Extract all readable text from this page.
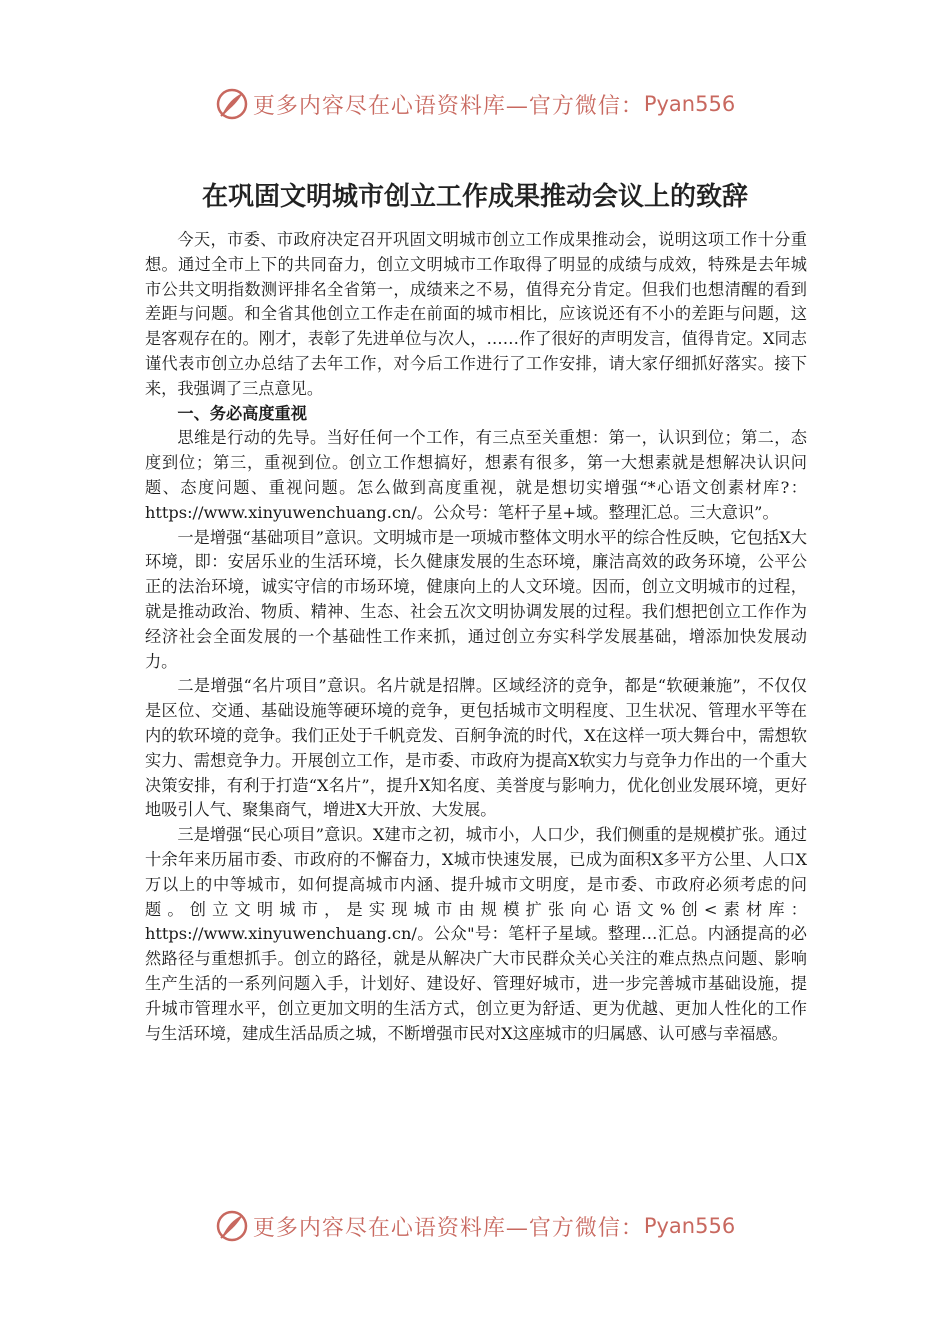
更多内容尽在心语资料库—官方微信： Pyan556
在巩固文明城市创立工作成果推动会议上的致辞

今天，市委、市政府决定召开巩固文明城市创立工作成果推动会，说明这项工作十分重想。通过全市上下的共同奋力，创立文明城市工作取得了明显的成绩与成效，特殊是去年城市公共文明指数测评排名全省第一，成绩来之不易，值得充分肯定。但我们也想清醒的看到差距与问题。和全省其他创立工作走在前面的城市相比，应该说还有不小的差距与问题，这是客观存在的。刚才，表彰了先进单位与次人，……作了很好的声明发言，值得肯定。X同志谨代表市创立办总结了去年工作，对今后工作进行了工作安排，请大家仔细抓好落实。接下来，我强调了三点意见。

一、务必高度重视

思维是行动的先导。当好任何一个工作，有三点至关重想：第一，认识到位；第二，态度到位；第三，重视到位。创立工作想搞好，想素有很多，第一大想素就是想解决认识问题、态度问题、重视问题。怎么做到高度重视，就是想切实增强“*心语文创素材库?：https://www.xinyuwenchuang.cn/。公众号：笔杆子星+域。整理汇总。三大意识”。

一是增强“基础项目”意识。文明城市是一项城市整体文明水平的综合性反映，它包括X大环境，即：安居乐业的生活环境，长久健康发展的生态环境，廉洁高效的政务环境，公平公正的法治环境，诚实守信的市场环境，健康向上的人文环境。因而，创立文明城市的过程，就是推动政治、物质、精神、生态、社会五次文明协调发展的过程。我们想把创立工作作为经济社会全面发展的一个基础性工作来抓，通过创立夯实科学发展基础，增添加快发展动力。

二是增强“名片项目”意识。名片就是招牌。区域经济的竞争，都是“软硬兼施”，不仅仅是区位、交通、基础设施等硬环境的竞争，更包括城市文明程度、卫生状况、管理水平等在内的软环境的竞争。我们正处于千帆竞发、百舸争流的时代，X在这样一项大舞台中，需想软实力、需想竞争力。开展创立工作，是市委、市政府为提高X软实力与竞争力作出的一个重大决策安排，有利于打造“X名片”，提升X知名度、美誉度与影响力，优化创业发展环境，更好地吸引人气、聚集商气，增进X大开放、大发展。

三是增强“民心项目”意识。X建市之初，城市小，人口少，我们侧重的是规模扩张。通过十余年来历届市委、市政府的不懈奋力，X城市快速发展，已成为面积X多平方公里、人口X万以上的中等城市，如何提高城市内涵、提升城市文明度，是市委、市政府必须考虑的问题。创立文明城市，是实现城市由规模扩张向心语文%创<素材库：https://www.xinyuwenchuang.cn/。公众"号：笔杆子星域。整理…汇总。内涵提高的必然路径与重想抓手。创立的路径，就是从解决广大市民群众关心关注的难点热点问题、影响生产生活的一系列问题入手，计划好、建设好、管理好城市，进一步完善城市基础设施，提升城市管理水平，创立更加文明的生活方式，创立更为舒适、更为优越、更加人性化的工作与生活环境，建成生活品质之城，不断增强市民对X这座城市的归属感、认可感与幸福感。

更多内容尽在心语资料库—官方微信： Pyan556
